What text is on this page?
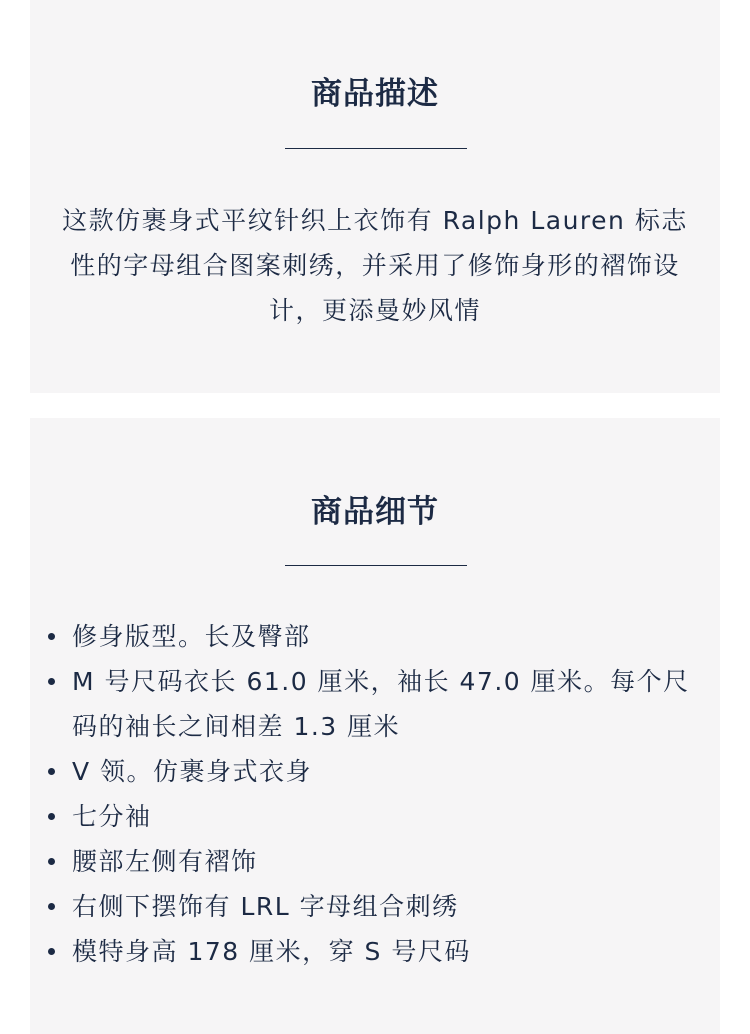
商品描述

这款仿裹身式平纹针织上衣饰有 Ralph Lauren 标志性的字母组合图案刺绣，并采用了修饰身形的褶饰设计，更添曼妙风情

商品细节
修身版型。长及臀部
M 号尺码衣长 61.0 厘米，袖长 47.0 厘米。每个尺码的袖长之间相差 1.3 厘米
V 领。仿裹身式衣身
七分袖
腰部左侧有褶饰
右侧下摆饰有 LRL 字母组合刺绣
模特身高 178 厘米，穿 S 号尺码
